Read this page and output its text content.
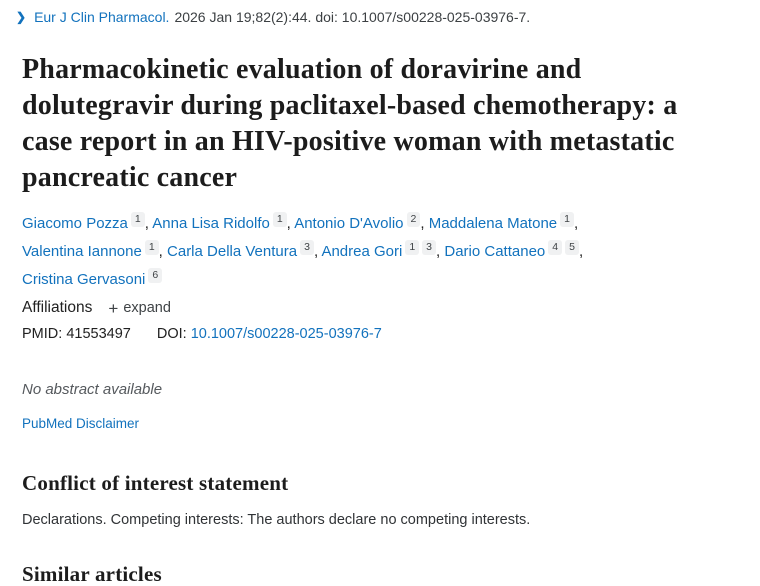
❯ Eur J Clin Pharmacol. 2026 Jan 19;82(2):44. doi: 10.1007/s00228-025-03976-7.
Pharmacokinetic evaluation of doravirine and dolutegravir during paclitaxel-based chemotherapy: a case report in an HIV-positive woman with metastatic pancreatic cancer
Giacomo Pozza 1 , Anna Lisa Ridolfo 1 , Antonio D'Avolio 2 , Maddalena Matone 1 , Valentina Iannone 1 , Carla Della Ventura 3 , Andrea Gori 1 3 , Dario Cattaneo 4 5 , Cristina Gervasoni 6
Affiliations + expand
PMID: 41553497 DOI: 10.1007/s00228-025-03976-7

No abstract available

PubMed Disclaimer
Conflict of interest statement

Declarations. Competing interests: The authors declare no competing interests.

Similar articles
